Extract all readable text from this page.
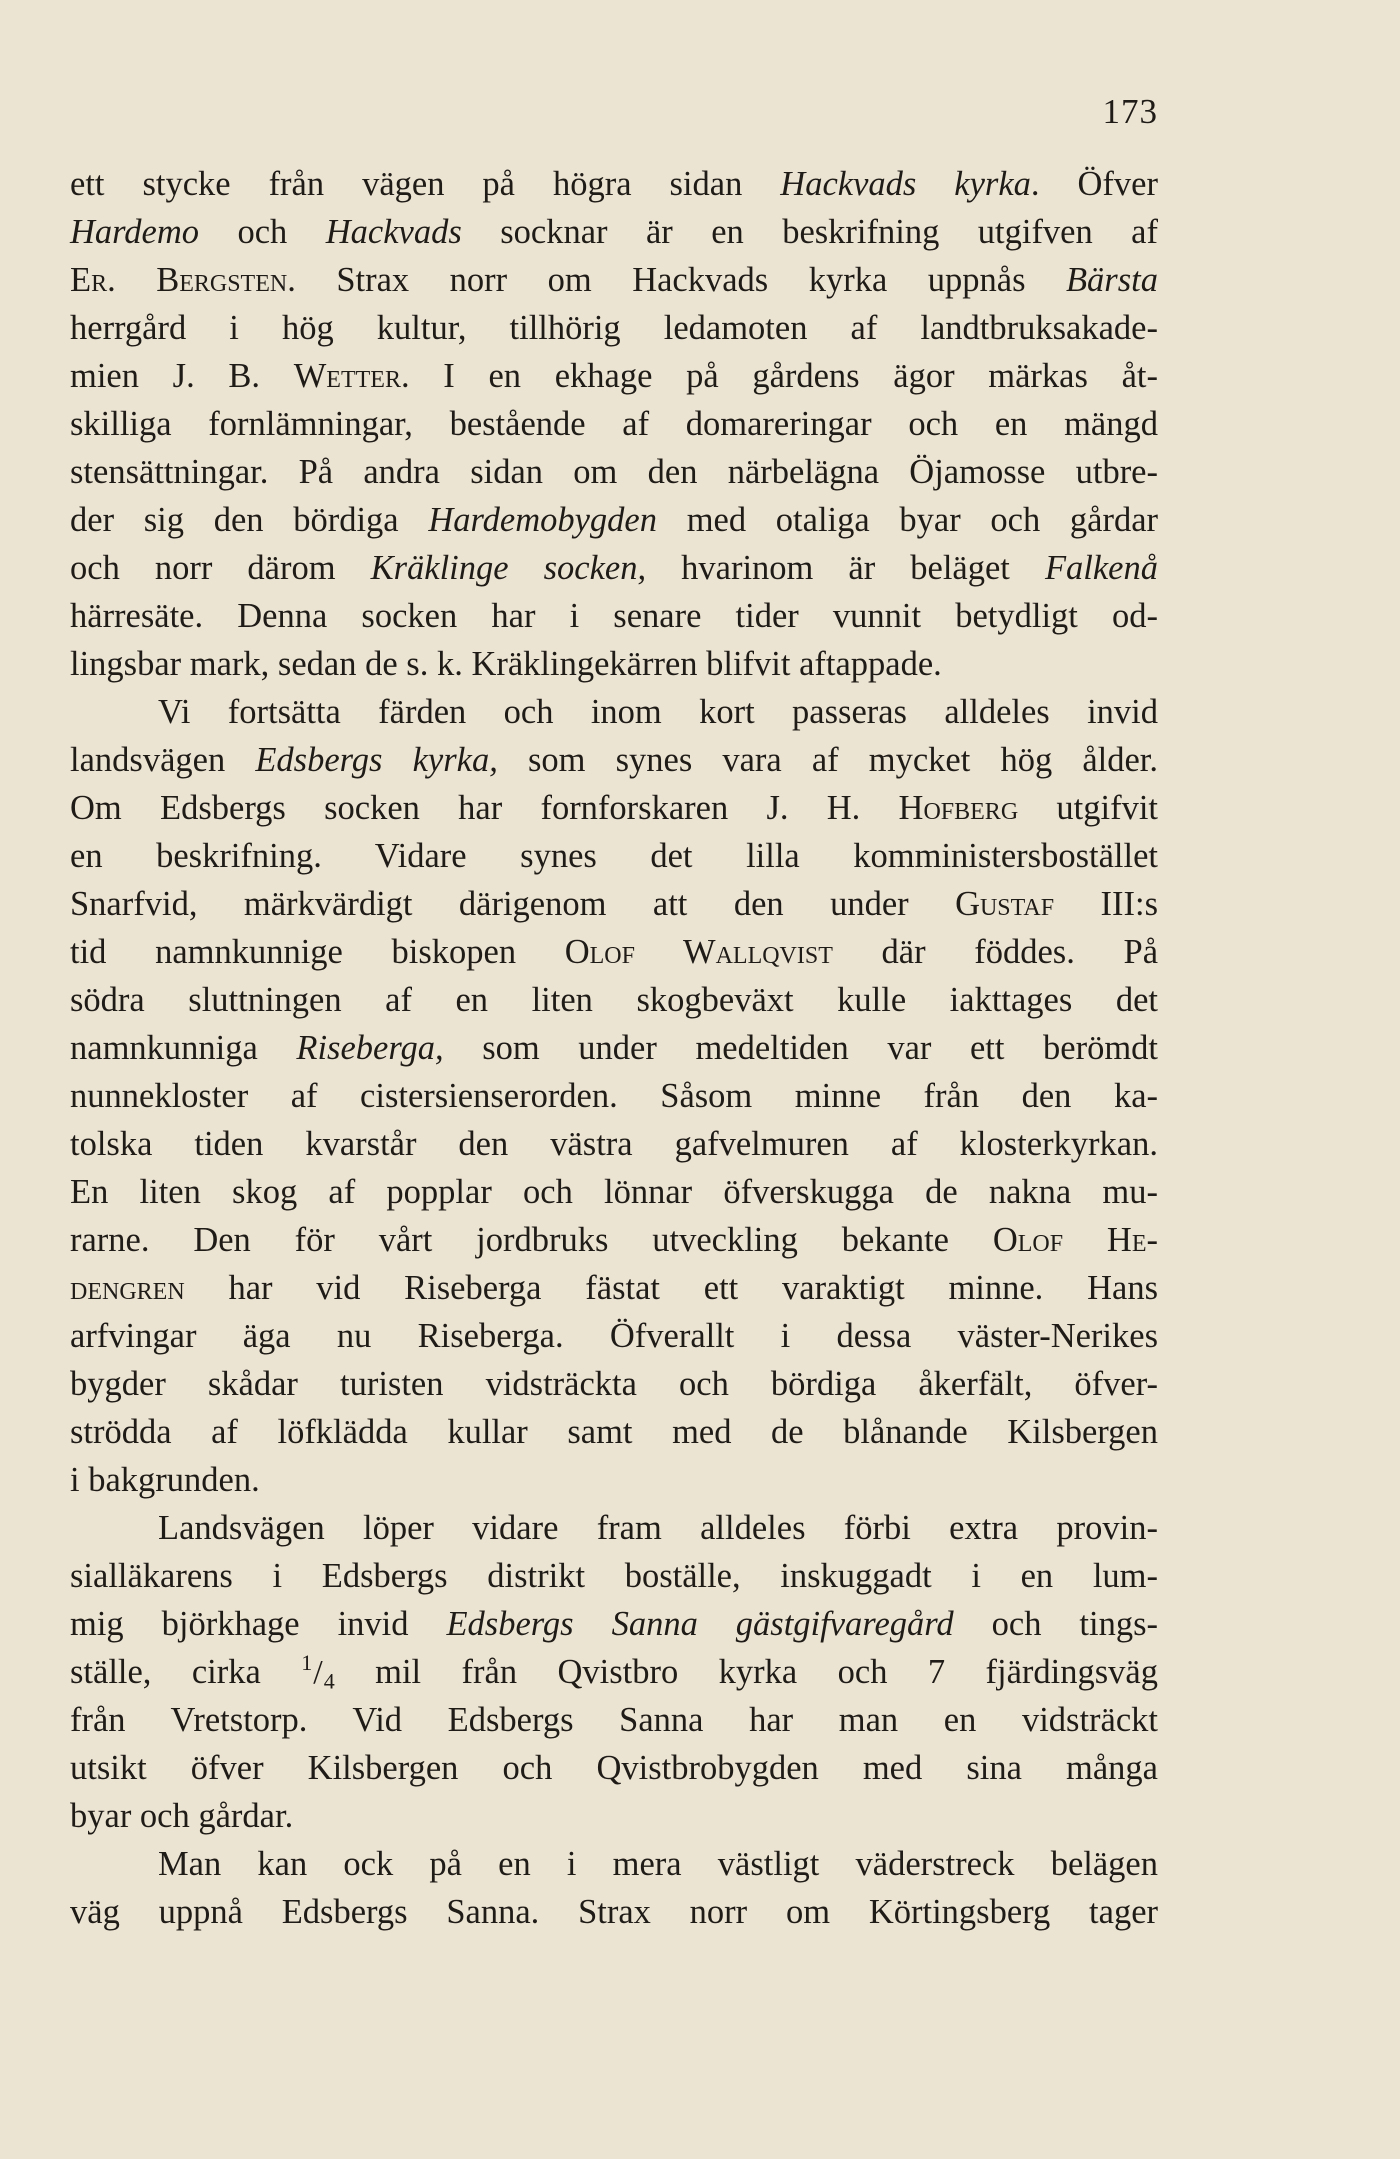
173
ett stycke från vägen på högra sidan Hackvads kyrka. Öfver
Hardemo och Hackvads socknar är en beskrifning utgifven af
Er. Bergsten. Strax norr om Hackvads kyrka uppnås Bärsta
herrgård i hög kultur, tillhörig ledamoten af landtbruksakade-
mien J. B. Wetter. I en ekhage på gårdens ägor märkas åt-
skilliga fornlämningar, bestående af domareringar och en mängd
stensättningar. På andra sidan om den närbelägna Öjamosse utbre-
der sig den bördiga Hardemobygden med otaliga byar och gårdar
och norr därom Kräklinge socken, hvarinom är beläget Falkenå
härresäte. Denna socken har i senare tider vunnit betydligt od-
lingsbar mark, sedan de s. k. Kräklingekärren blifvit aftappade.
Vi fortsätta färden och inom kort passeras alldeles invid
landsvägen Edsbergs kyrka, som synes vara af mycket hög ålder.
Om Edsbergs socken har fornforskaren J. H. Hofberg utgifvit
en beskrifning. Vidare synes det lilla komministersbostället
Snarfvid, märkvärdigt därigenom att den under Gustaf III:s
tid namnkunnige biskopen Olof Wallqvist där föddes. På
södra sluttningen af en liten skogbeväxt kulle iakttages det
namnkunniga Riseberga, som under medeltiden var ett berömdt
nunnekloster af cistersienserorden. Såsom minne från den ka-
tolska tiden kvarstår den västra gafvelmuren af klosterkyrkan.
En liten skog af popplar och lönnar öfverskugga de nakna mu-
rarne. Den för vårt jordbruks utveckling bekante Olof He-
dengren har vid Riseberga fästat ett varaktigt minne. Hans
arfvingar äga nu Riseberga. Öfverallt i dessa väster-Nerikes
bygder skådar turisten vidsträckta och bördiga åkerfält, öfver-
strödda af löfklädda kullar samt med de blånande Kilsbergen
i bakgrunden.
Landsvägen löper vidare fram alldeles förbi extra provin-
sialläkarens i Edsbergs distrikt boställe, inskuggadt i en lum-
mig björkhage invid Edsbergs Sanna gästgifvaregård och tings-
ställe, cirka $^1/_4$ mil från Qvistbro kyrka och 7 fjärdingsväg
från Vretstorp. Vid Edsbergs Sanna har man en vidsträckt
utsikt öfver Kilsbergen och Qvistbrobygden med sina många
byar och gårdar.
Man kan ock på en i mera västligt väderstreck belägen
väg uppnå Edsbergs Sanna. Strax norr om Körtingsberg tager
